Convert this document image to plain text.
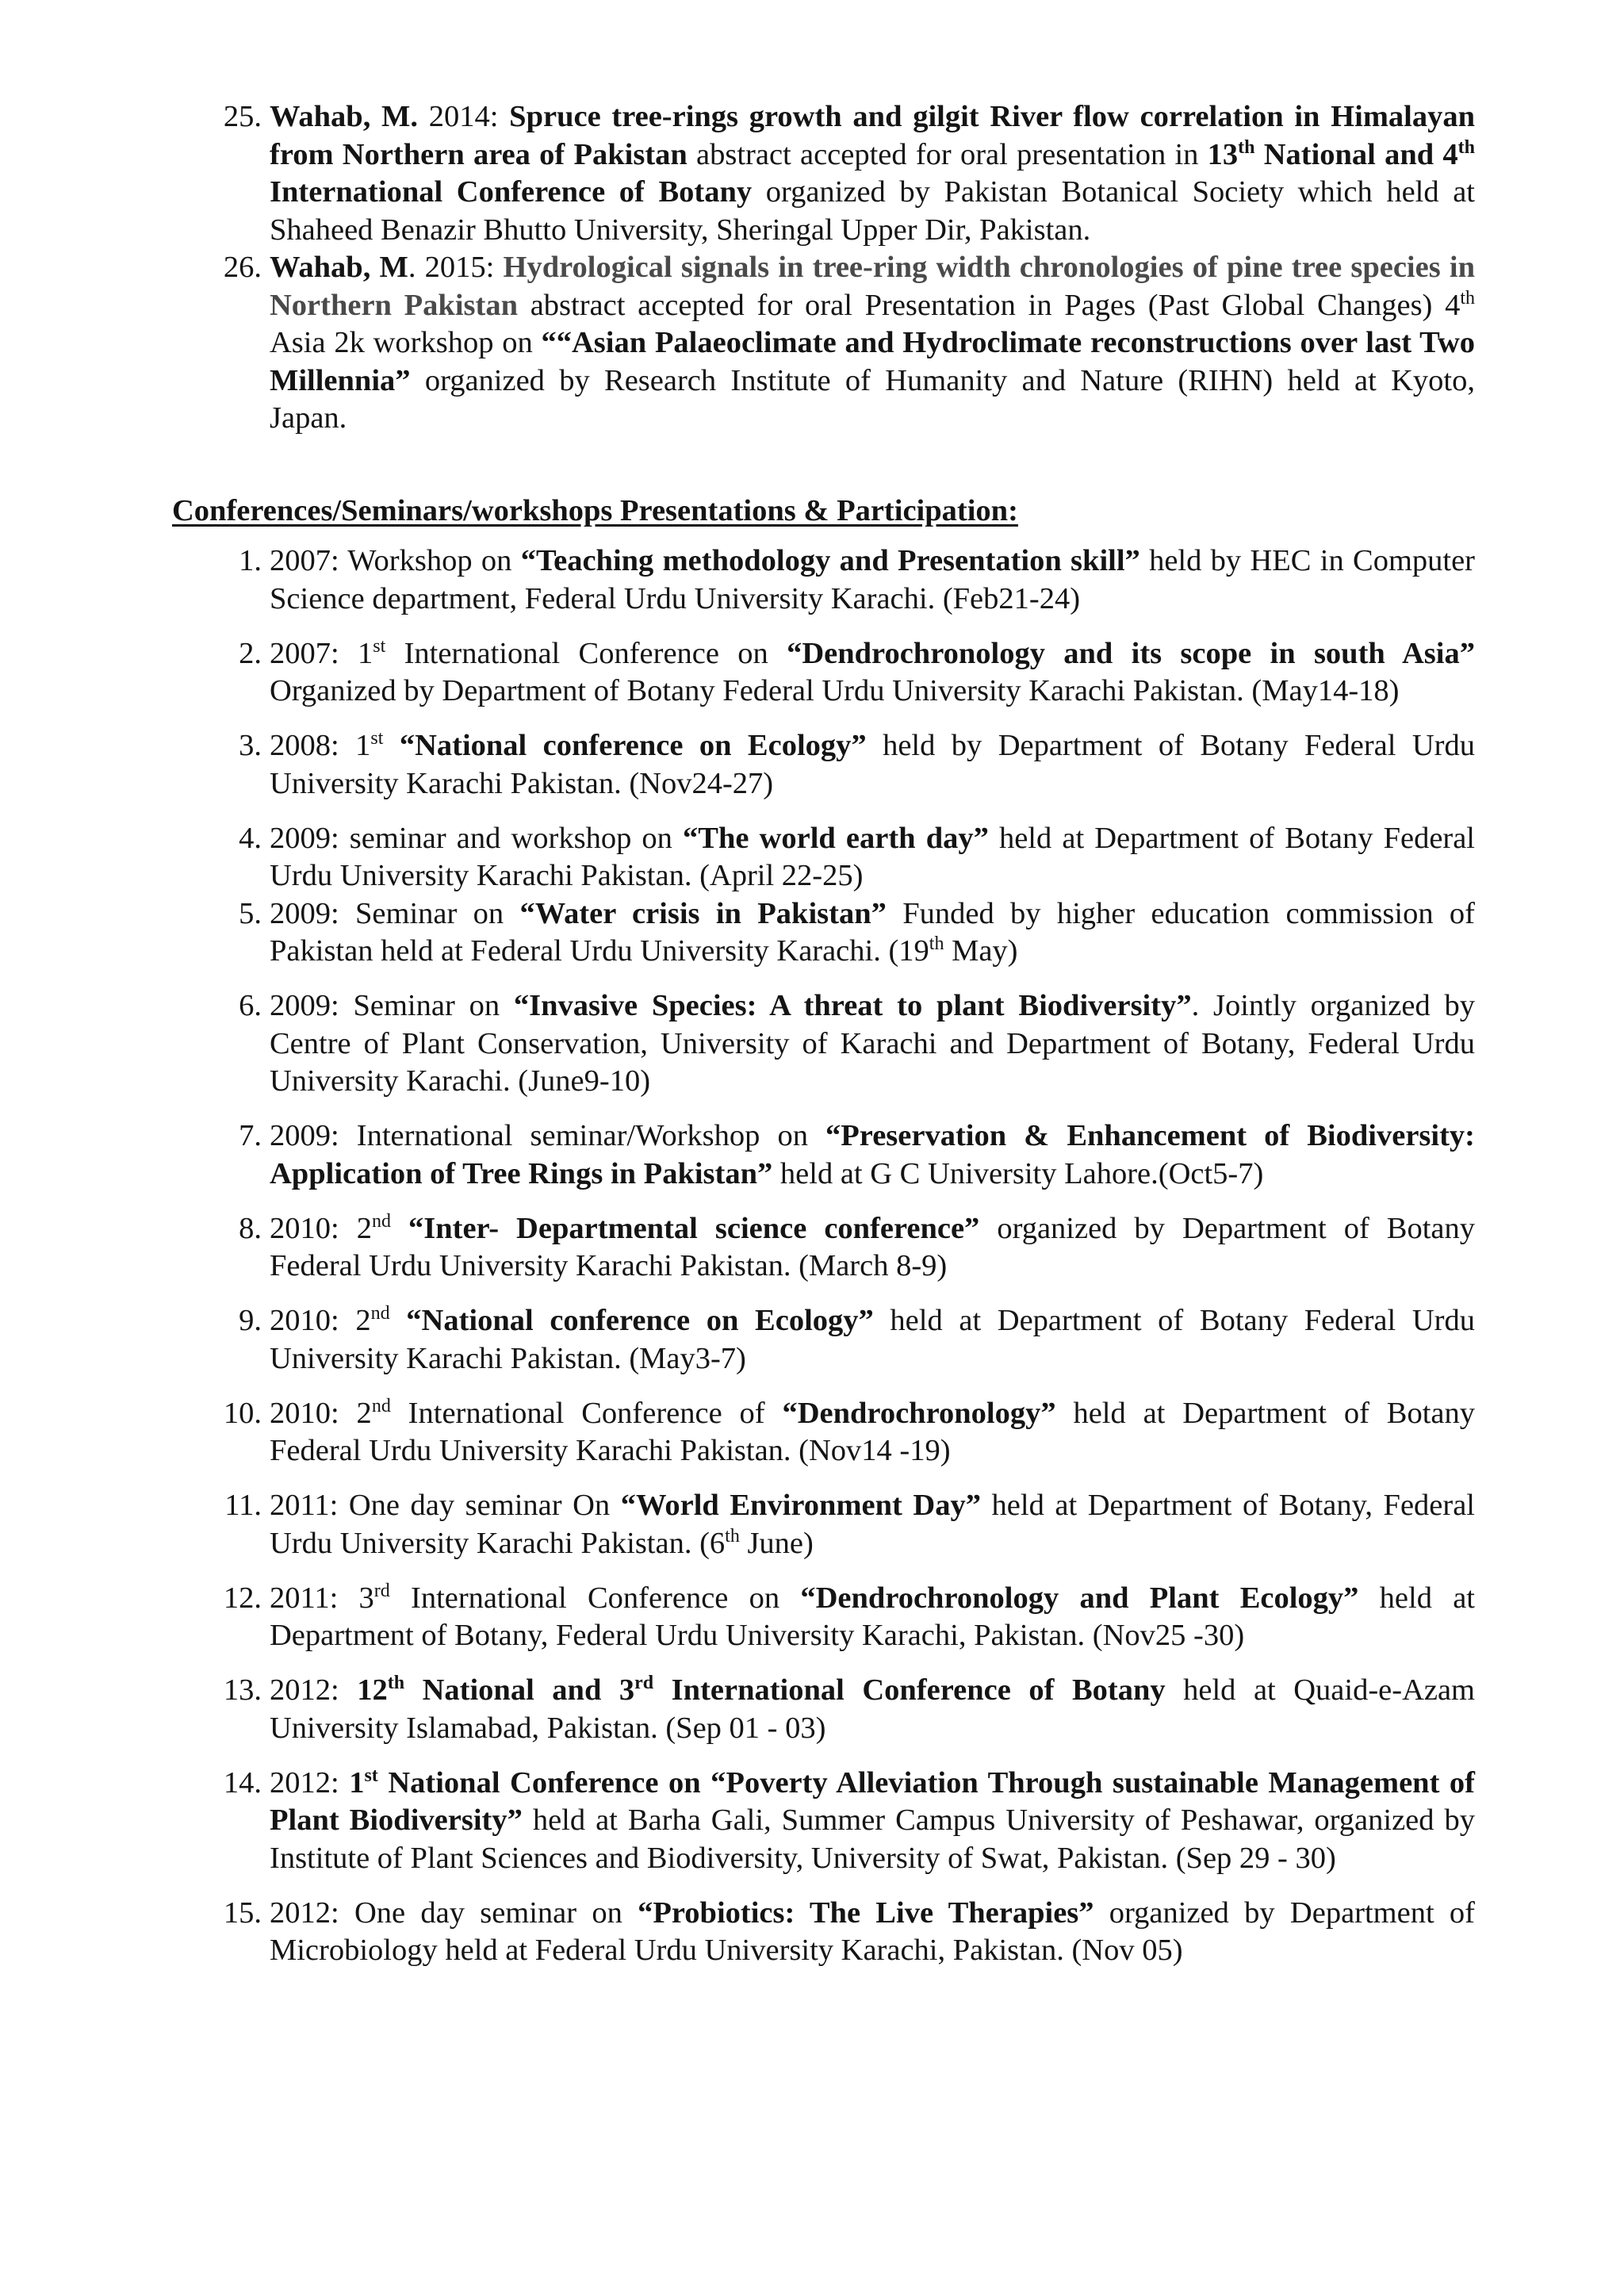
25. Wahab, M. 2014: Spruce tree-rings growth and gilgit River flow correlation in Himalayan from Northern area of Pakistan abstract accepted for oral presentation in 13th National and 4th International Conference of Botany organized by Pakistan Botanical Society which held at Shaheed Benazir Bhutto University, Sheringal Upper Dir, Pakistan.
26. Wahab, M. 2015: Hydrological signals in tree-ring width chronologies of pine tree species in Northern Pakistan abstract accepted for oral Presentation in Pages (Past Global Changes) 4th Asia 2k workshop on ““Asian Palaeoclimate and Hydroclimate reconstructions over last Two Millennia” organized by Research Institute of Humanity and Nature (RIHN) held at Kyoto, Japan.

Conferences/Seminars/workshops Presentations & Participation:

1. 2007: Workshop on “Teaching methodology and Presentation skill” held by HEC in Computer Science department, Federal Urdu University Karachi. (Feb21-24)
2. 2007: 1st International Conference on “Dendrochronology and its scope in south Asia” Organized by Department of Botany Federal Urdu University Karachi Pakistan. (May14-18)
3. 2008: 1st “National conference on Ecology” held by Department of Botany Federal Urdu University Karachi Pakistan. (Nov24-27)
4. 2009: seminar and workshop on “The world earth day” held at Department of Botany Federal Urdu University Karachi Pakistan. (April 22-25)
5. 2009: Seminar on “Water crisis in Pakistan” Funded by higher education commission of Pakistan held at Federal Urdu University Karachi. (19th May)
6. 2009: Seminar on “Invasive Species: A threat to plant Biodiversity”. Jointly organized by Centre of Plant Conservation, University of Karachi and Department of Botany, Federal Urdu University Karachi. (June9-10)
7. 2009: International seminar/Workshop on “Preservation & Enhancement of Biodiversity: Application of Tree Rings in Pakistan” held at G C University Lahore.(Oct5-7)
8. 2010: 2nd “Inter- Departmental science conference” organized by Department of Botany Federal Urdu University Karachi Pakistan. (March 8-9)
9. 2010: 2nd “National conference on Ecology” held at Department of Botany Federal Urdu University Karachi Pakistan. (May3-7)
10. 2010: 2nd International Conference of “Dendrochronology” held at Department of Botany Federal Urdu University Karachi Pakistan. (Nov14 -19)
11. 2011: One day seminar On “World Environment Day” held at Department of Botany, Federal Urdu University Karachi Pakistan. (6th June)
12. 2011: 3rd International Conference on “Dendrochronology and Plant Ecology” held at Department of Botany, Federal Urdu University Karachi, Pakistan. (Nov25 -30)
13. 2012: 12th National and 3rd International Conference of Botany held at Quaid-e-Azam University Islamabad, Pakistan. (Sep 01 - 03)
14. 2012: 1st National Conference on “Poverty Alleviation Through sustainable Management of Plant Biodiversity” held at Barha Gali, Summer Campus University of Peshawar, organized by Institute of Plant Sciences and Biodiversity, University of Swat, Pakistan. (Sep 29 - 30)
15. 2012: One day seminar on “Probiotics: The Live Therapies” organized by Department of Microbiology held at Federal Urdu University Karachi, Pakistan. (Nov 05)
